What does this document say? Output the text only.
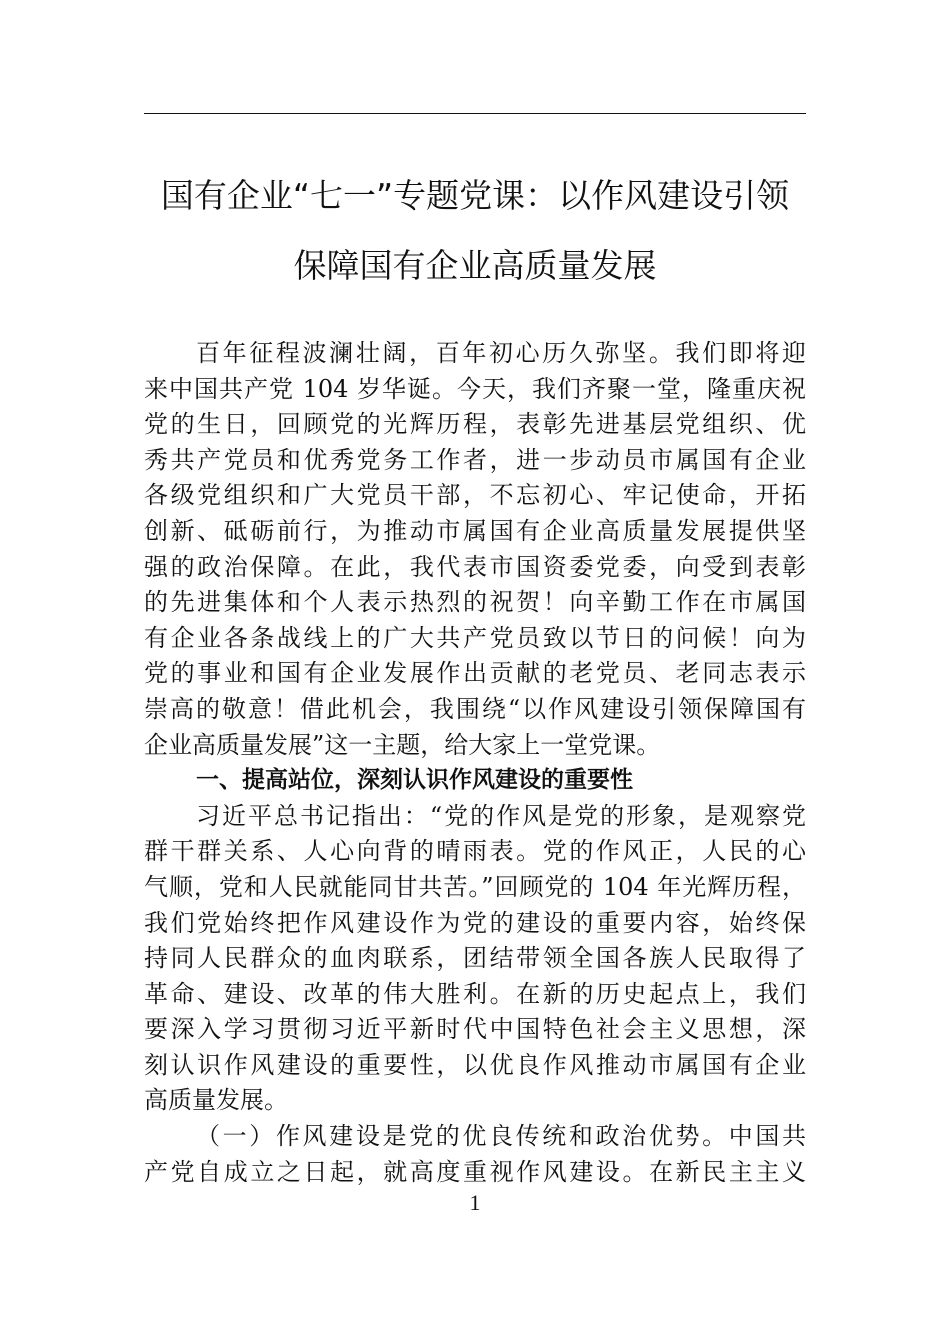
国有企业“七一”专题党课：以作风建设引领
保障国有企业高质量发展
百年征程波澜壮阔，百年初心历久弥坚。我们即将迎
来中国共产党 104 岁华诞。今天，我们齐聚一堂，隆重庆祝
党的生日，回顾党的光辉历程，表彰先进基层党组织、优
秀共产党员和优秀党务工作者，进一步动员市属国有企业
各级党组织和广大党员干部，不忘初心、牢记使命，开拓
创新、砥砺前行，为推动市属国有企业高质量发展提供坚
强的政治保障。在此，我代表市国资委党委，向受到表彰
的先进集体和个人表示热烈的祝贺！向辛勤工作在市属国
有企业各条战线上的广大共产党员致以节日的问候！向为
党的事业和国有企业发展作出贡献的老党员、老同志表示
崇高的敬意！借此机会，我围绕“以作风建设引领保障国有
企业高质量发展”这一主题，给大家上一堂党课。
一、提高站位，深刻认识作风建设的重要性
习近平总书记指出：“党的作风是党的形象，是观察党
群干群关系、人心向背的晴雨表。党的作风正，人民的心
气顺，党和人民就能同甘共苦。”回顾党的 104 年光辉历程，
我们党始终把作风建设作为党的建设的重要内容，始终保
持同人民群众的血肉联系，团结带领全国各族人民取得了
革命、建设、改革的伟大胜利。在新的历史起点上，我们
要深入学习贯彻习近平新时代中国特色社会主义思想，深
刻认识作风建设的重要性，以优良作风推动市属国有企业
高质量发展。
（一）作风建设是党的优良传统和政治优势。中国共
产党自成立之日起，就高度重视作风建设。在新民主主义
1
